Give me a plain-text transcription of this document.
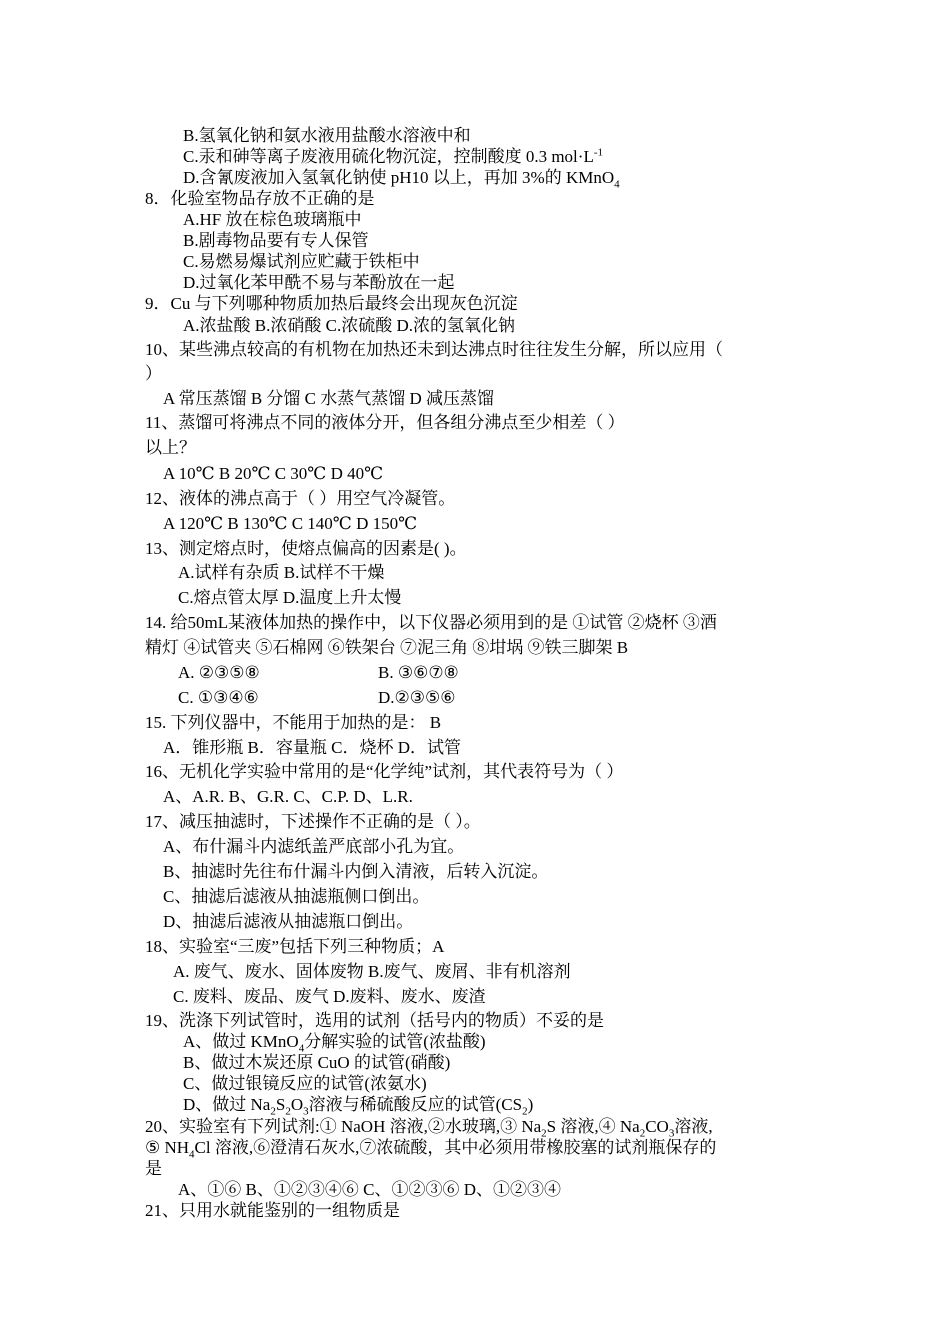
B.氢氧化钠和氨水液用盐酸水溶液中和
C.汞和砷等离子废液用硫化物沉淀，控制酸度 0.3 $mol\cdot L^{-1}$
D.含氰废液加入氢氧化钠使 pH10 以上，再加 3%的 KMnO$_4$
8．化验室物品存放不正确的是
A.HF 放在棕色玻璃瓶中
B.剧毒物品要有专人保管
C.易燃易爆试剂应贮藏于铁柜中
D.过氧化苯甲酰不易与苯酚放在一起
9．Cu 与下列哪种物质加热后最终会出现灰色沉淀
A.浓盐酸 B.浓硝酸 C.浓硫酸 D.浓的氢氧化钠
10、某些沸点较高的有机物在加热还未到达沸点时往往发生分解，所以应用（
）
A 常压蒸馏 B 分馏 C 水蒸气蒸馏 D 减压蒸馏
11、蒸馏可将沸点不同的液体分开，但各组分沸点至少相差（ ）
以上？
A 10℃ B 20℃ C 30℃ D 40℃
12、液体的沸点高于（ ）用空气冷凝管。
A 120℃ B 130℃ C 140℃ D 150℃
13、测定熔点时，使熔点偏高的因素是( )。
A.试样有杂质 B.试样不干燥
C.熔点管太厚 D.温度上升太慢
14. 给50mL某液体加热的操作中，以下仪器必须用到的是 ①试管 ②烧杯 ③酒
精灯 ④试管夹 ⑤石棉网 ⑥铁架台 ⑦泥三角 ⑧坩埚 ⑨铁三脚架 B
A. ②③⑤⑧	B. ③⑥⑦⑧
C. ①③④⑥	D.②③⑤⑥
15. 下列仪器中，不能用于加热的是： B
A．锥形瓶 B．容量瓶 C．烧杯 D．试管
16、无机化学实验中常用的是“化学纯”试剂，其代表符号为（ ）
A、A.R. B、G.R. C、C.P. D、L.R.
17、减压抽滤时，下述操作不正确的是（ ）。
A、布什漏斗内滤纸盖严底部小孔为宜。
B、抽滤时先往布什漏斗内倒入清液，后转入沉淀。
C、抽滤后滤液从抽滤瓶侧口倒出。
D、抽滤后滤液从抽滤瓶口倒出。
18、实验室“三废”包括下列三种物质；A
A. 废气、废水、固体废物 B.废气、废屑、非有机溶剂
C. 废料、废品、废气 D.废料、废水、废渣
19、洗涤下列试管时，选用的试剂（括号内的物质）不妥的是
A、做过 KMnO$_4$分解实验的试管(浓盐酸)
B、做过木炭还原 CuO 的试管(硝酸)
C、做过银镜反应的试管(浓氨水)
D、做过 $Na_2S_2O_3$溶液与稀硫酸反应的试管$(CS_2)$
20、实验室有下列试剂:① NaOH 溶液,②水玻璃,③ $Na_2S$ 溶液,④ $Na_2CO_3$溶液,
⑤ $NH_4Cl$ 溶液,⑥澄清石灰水,⑦浓硫酸，其中必须用带橡胶塞的试剂瓶保存的
是
A、①⑥ B、①②③④⑥ C、①②③⑥ D、①②③④
21、只用水就能鉴别的一组物质是
